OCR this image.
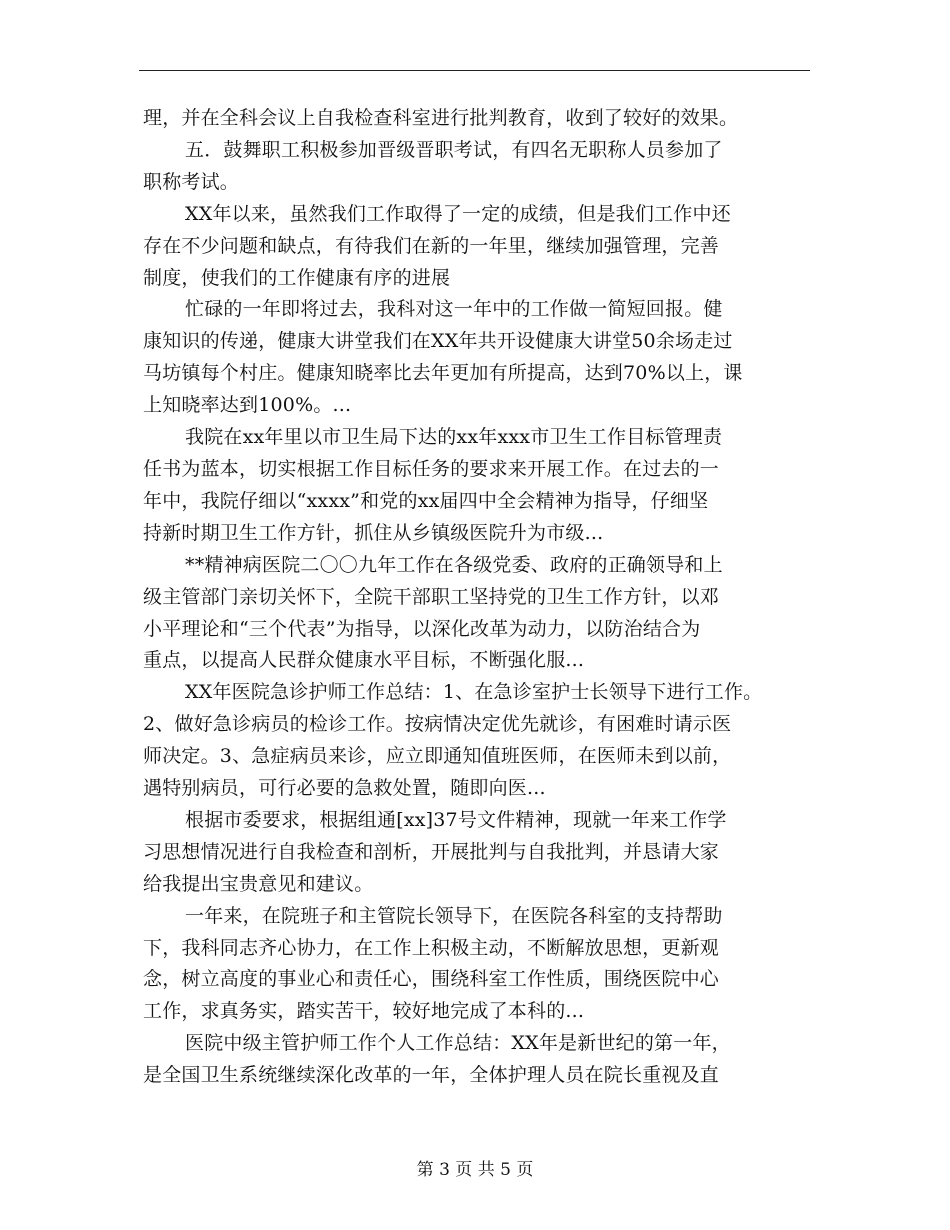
理，并在全科会议上自我检查科室进行批判教育，收到了较好的效果。
五．鼓舞职工积极参加晋级晋职考试，有四名无职称人员参加了
职称考试。
XX年以来，虽然我们工作取得了一定的成绩，但是我们工作中还
存在不少问题和缺点，有待我们在新的一年里，继续加强管理，完善
制度，使我们的工作健康有序的进展
忙碌的一年即将过去，我科对这一年中的工作做一简短回报。健
康知识的传递，健康大讲堂我们在XX年共开设健康大讲堂50余场走过
马坊镇每个村庄。健康知晓率比去年更加有所提高，达到70%以上，课
上知晓率达到100%。...
我院在xx年里以市卫生局下达的xx年xxx市卫生工作目标管理责
任书为蓝本，切实根据工作目标任务的要求来开展工作。在过去的一
年中，我院仔细以“xxxx”和党的xx届四中全会精神为指导，仔细坚
持新时期卫生工作方针，抓住从乡镇级医院升为市级...
**精神病医院二〇〇九年工作在各级党委、政府的正确领导和上
级主管部门亲切关怀下，全院干部职工坚持党的卫生工作方针，以邓
小平理论和“三个代表”为指导，以深化改革为动力，以防治结合为
重点，以提高人民群众健康水平目标，不断强化服...
XX年医院急诊护师工作总结：1、在急诊室护士长领导下进行工作。
2、做好急诊病员的检诊工作。按病情决定优先就诊，有困难时请示医
师决定。3、急症病员来诊，应立即通知值班医师，在医师未到以前，
遇特别病员，可行必要的急救处置，随即向医...
根据市委要求，根据组通[xx]37号文件精神，现就一年来工作学
习思想情况进行自我检查和剖析，开展批判与自我批判，并恳请大家
给我提出宝贵意见和建议。
一年来，在院班子和主管院长领导下，在医院各科室的支持帮助
下，我科同志齐心协力，在工作上积极主动，不断解放思想，更新观
念，树立高度的事业心和责任心，围绕科室工作性质，围绕医院中心
工作，求真务实，踏实苦干，较好地完成了本科的...
医院中级主管护师工作个人工作总结：XX年是新世纪的第一年，
是全国卫生系统继续深化改革的一年，全体护理人员在院长重视及直
第 3 页 共 5 页
